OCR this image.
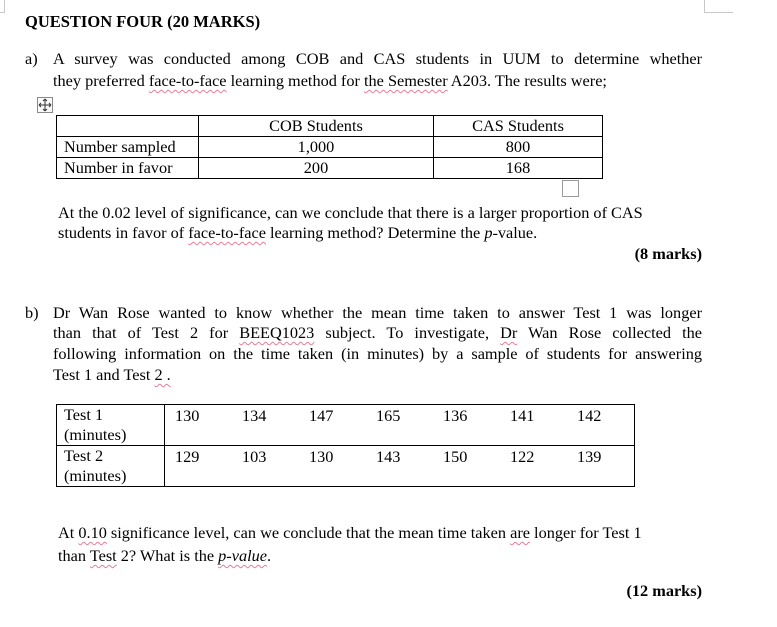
QUESTION FOUR (20 MARKS)
a) A survey was conducted among COB and CAS students in UUM to determine whether
they preferred face-to-face learning method for the Semester A203. The results were;
	COB Students	CAS Students
Number sampled	1,000	800
Number in favor	200	168
At the 0.02 level of significance, can we conclude that there is a larger proportion of CAS
students in favor of face-to-face learning method? Determine the p-value.
(8 marks)
b) Dr Wan Rose wanted to know whether the mean time taken to answer Test 1 was longer
than that of Test 2 for BEEQ1023 subject. To investigate, Dr Wan Rose collected the
following information on the time taken (in minutes) by a sample of students for answering
Test 1 and Test 2 .
Test 1 (minutes)	130	134	147	165	136	141	142
Test 2 (minutes)	129	103	130	143	150	122	139
At 0.10 significance level, can we conclude that the mean time taken are longer for Test 1
than Test 2? What is the p-value.
(12 marks)
